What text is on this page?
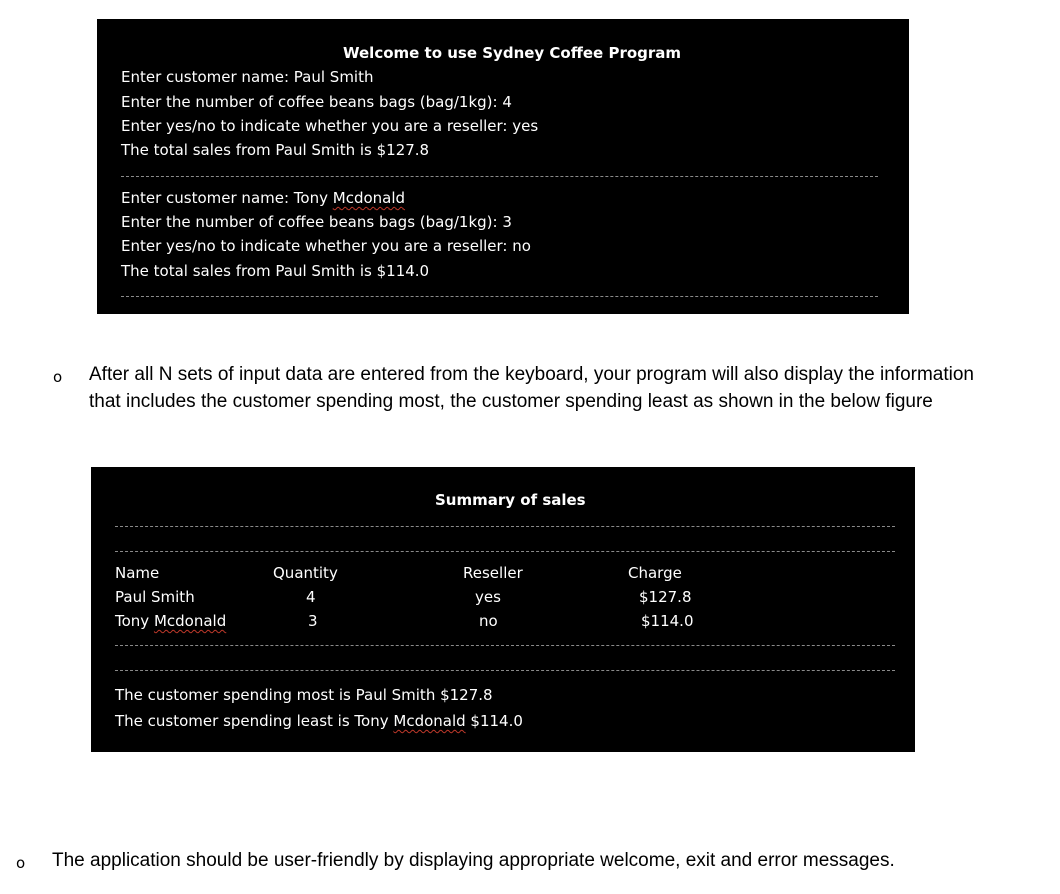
Welcome to use Sydney Coffee Program
Enter customer name: Paul Smith
Enter the number of coffee beans bags (bag/1kg): 4
Enter yes/no to indicate whether you are a reseller: yes
The total sales from Paul Smith is $127.8
Enter customer name: Tony Mcdonald
Enter the number of coffee beans bags (bag/1kg): 3
Enter yes/no to indicate whether you are a reseller: no
The total sales from Paul Smith is $114.0
o After all N sets of input data are entered from the keyboard, your program will also display the information that includes the customer spending most, the customer spending least as shown in the below figure
Summary of sales
Name	Quantity	Reseller	Charge
Paul Smith	4	yes	$127.8
Tony Mcdonald	3	no	$114.0
The customer spending most is Paul Smith $127.8
The customer spending least is Tony Mcdonald $114.0
o The application should be user-friendly by displaying appropriate welcome, exit and error messages.
